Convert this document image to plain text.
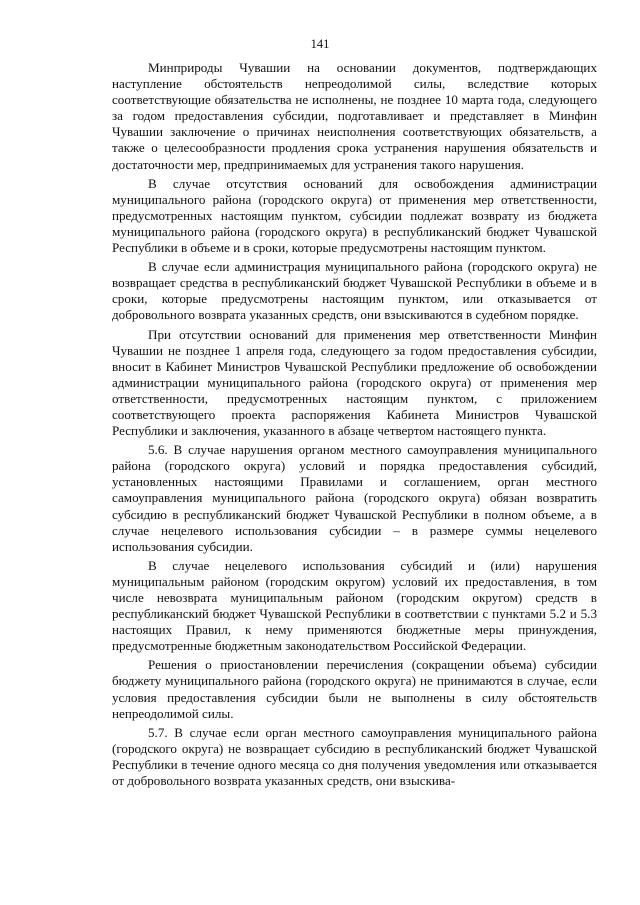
141

Минприроды Чувашии на основании документов, подтверждающих наступление обстоятельств непреодолимой силы, вследствие которых соответствующие обязательства не исполнены, не позднее 10 марта года, следующего за годом предоставления субсидии, подготавливает и представляет в Минфин Чувашии заключение о причинах неисполнения соответствующих обязательств, а также о целесообразности продления срока устранения нарушения обязательств и достаточности мер, предпринимаемых для устранения такого нарушения.

В случае отсутствия оснований для освобождения администрации муниципального района (городского округа) от применения мер ответственности, предусмотренных настоящим пунктом, субсидии подлежат возврату из бюджета муниципального района (городского округа) в республиканский бюджет Чувашской Республики в объеме и в сроки, которые предусмотрены настоящим пунктом.

В случае если администрация муниципального района (городского округа) не возвращает средства в республиканский бюджет Чувашской Республики в объеме и в сроки, которые предусмотрены настоящим пунктом, или отказывается от добровольного возврата указанных средств, они взыскиваются в судебном порядке.

При отсутствии оснований для применения мер ответственности Минфин Чувашии не позднее 1 апреля года, следующего за годом предоставления субсидии, вносит в Кабинет Министров Чувашской Республики предложение об освобождении администрации муниципального района (городского округа) от применения мер ответственности, предусмотренных настоящим пунктом, с приложением соответствующего проекта распоряжения Кабинета Министров Чувашской Республики и заключения, указанного в абзаце четвертом настоящего пункта.

5.6. В случае нарушения органом местного самоуправления муниципального района (городского округа) условий и порядка предоставления субсидий, установленных настоящими Правилами и соглашением, орган местного самоуправления муниципального района (городского округа) обязан возвратить субсидию в республиканский бюджет Чувашской Республики в полном объеме, а в случае нецелевого использования субсидии – в размере суммы нецелевого использования субсидии.

В случае нецелевого использования субсидий и (или) нарушения муниципальным районом (городским округом) условий их предоставления, в том числе невозврата муниципальным районом (городским округом) средств в республиканский бюджет Чувашской Республики в соответствии с пунктами 5.2 и 5.3 настоящих Правил, к нему применяются бюджетные меры принуждения, предусмотренные бюджетным законодательством Российской Федерации.

Решения о приостановлении перечисления (сокращении объема) субсидии бюджету муниципального района (городского округа) не принимаются в случае, если условия предоставления субсидии были не выполнены в силу обстоятельств непреодолимой силы.

5.7. В случае если орган местного самоуправления муниципального района (городского округа) не возвращает субсидию в республиканский бюджет Чувашской Республики в течение одного месяца со дня получения уведомления или отказывается от добровольного возврата указанных средств, они взыскива-
